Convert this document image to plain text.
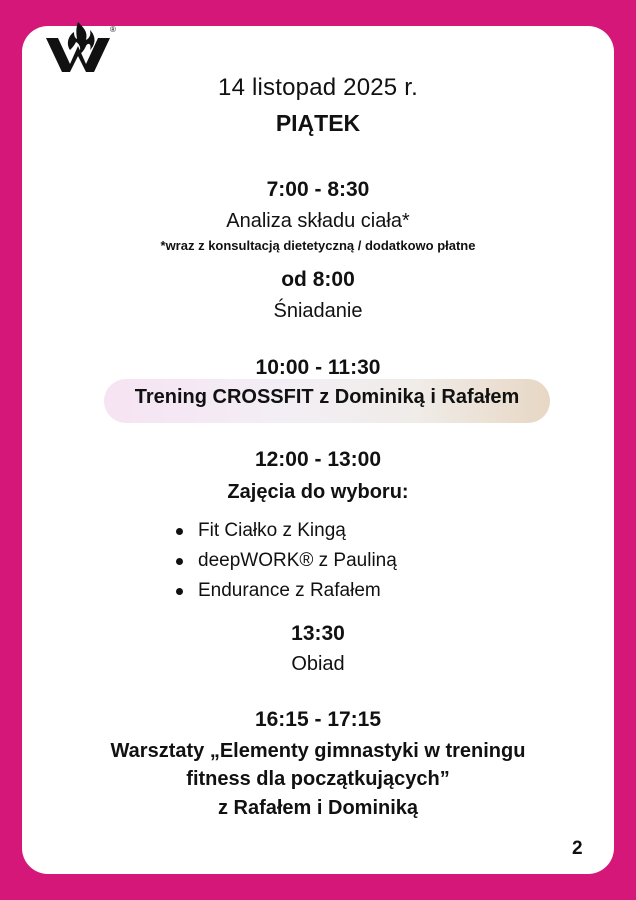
®
14 listopad 2025 r.
PIĄTEK
7:00 - 8:30
Analiza składu ciała*
*wraz z konsultacją dietetyczną / dodatkowo płatne
od 8:00
Śniadanie
10:00 - 11:30
Trening CROSSFIT z Dominiką i Rafałem
12:00 - 13:00
Zajęcia do wyboru:
Fit Ciałko z Kingą
deepWORK® z Pauliną
Endurance z Rafałem
13:30
Obiad
16:15 - 17:15
Warsztaty „Elementy gimnastyki w treningu
fitness dla początkujących”
z Rafałem i Dominiką
2
